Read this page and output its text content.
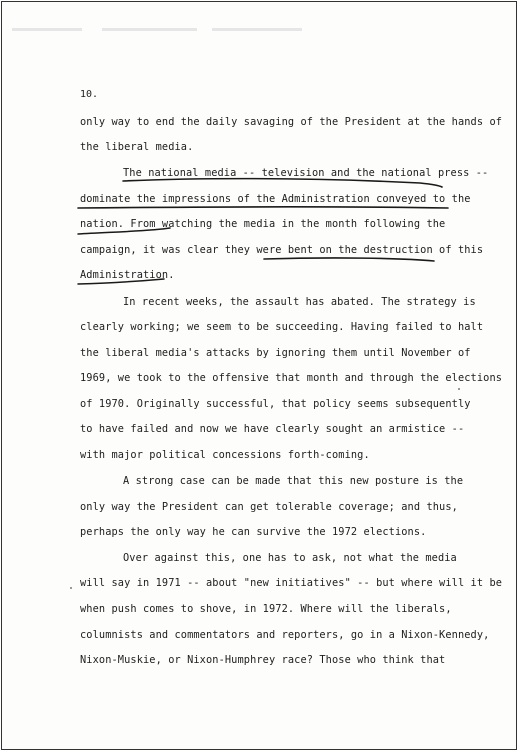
10.
only way to end the daily savaging of the President at the hands of
the liberal media.
The national media -- television and the national press --
dominate the impressions of the Administration conveyed to the
nation. From watching the media in the month following the
campaign, it was clear they were bent on the destruction of this
Administration.
In recent weeks, the assault has abated. The strategy is
clearly working; we seem to be succeeding. Having failed to halt
the liberal media's attacks by ignoring them until November of
1969, we took to the offensive that month and through the elections
of 1970. Originally successful, that policy seems subsequently
to have failed and now we have clearly sought an armistice --
with major political concessions forth-coming.
A strong case can be made that this new posture is the
only way the President can get tolerable coverage; and thus,
perhaps the only way he can survive the 1972 elections.
Over against this, one has to ask, not what the media
will say in 1971 -- about "new initiatives" -- but where will it be
when push comes to shove, in 1972. Where will the liberals,
columnists and commentators and reporters, go in a Nixon-Kennedy,
Nixon-Muskie, or Nixon-Humphrey race? Those who think that
